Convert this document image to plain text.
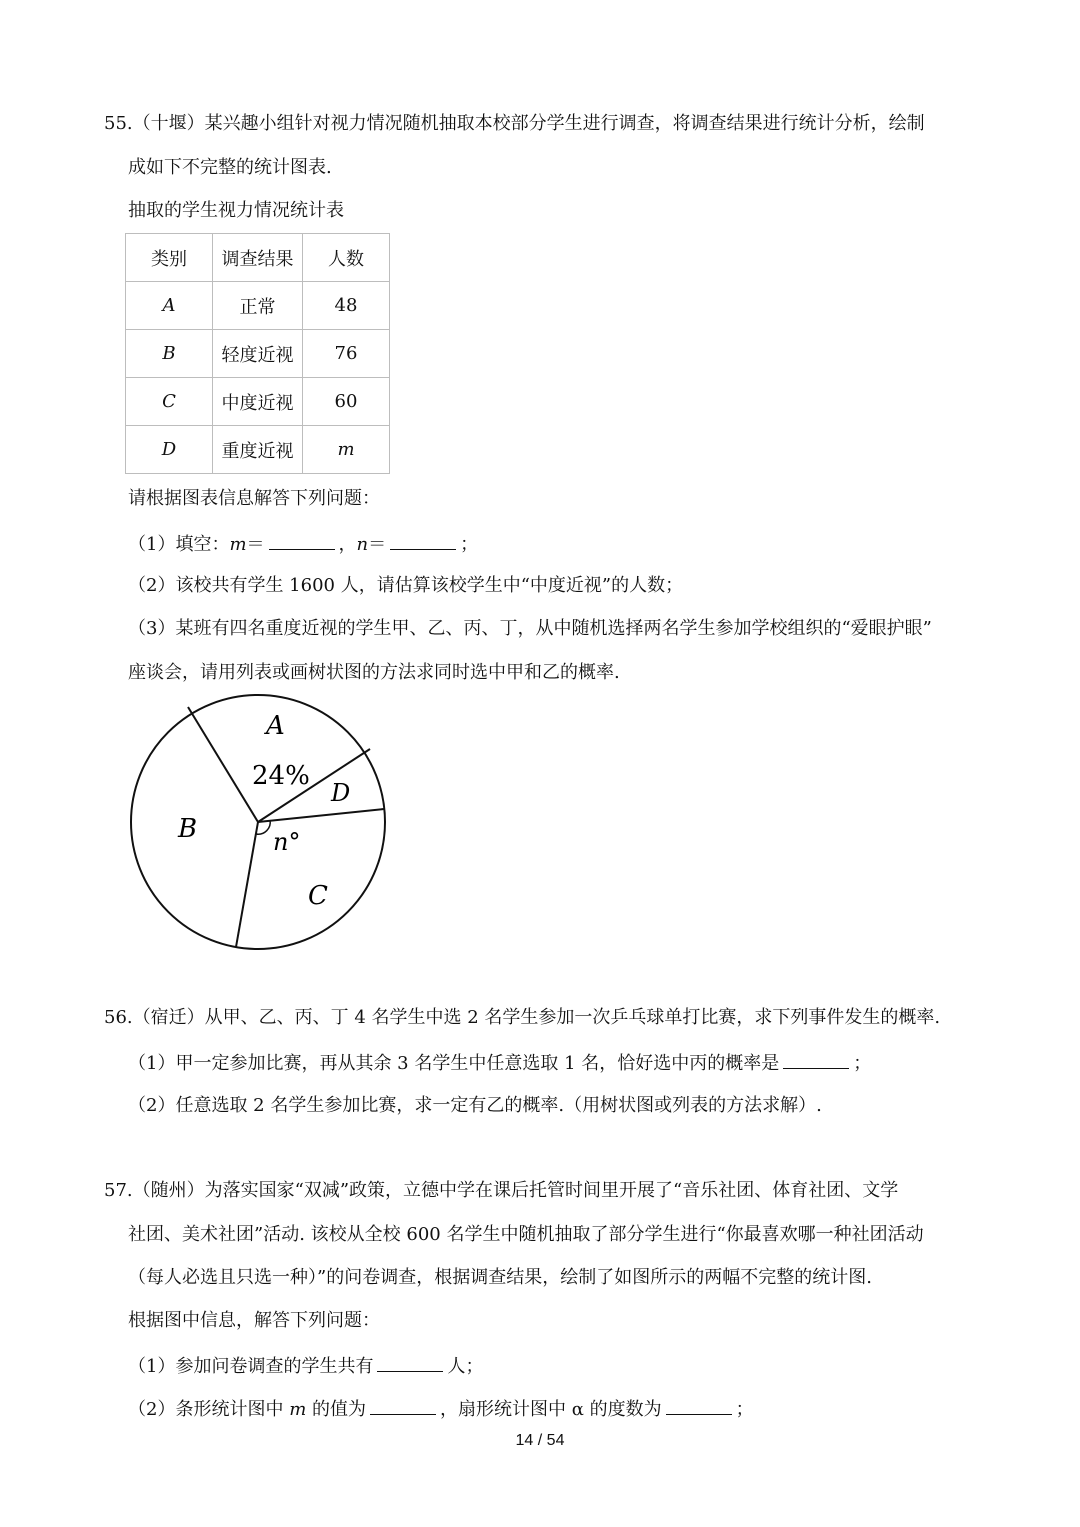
55.（十堰）某兴趣小组针对视力情况随机抽取本校部分学生进行调查，将调查结果进行统计分析，绘制
成如下不完整的统计图表.
抽取的学生视力情况统计表
类别	调查结果	人数
A	正常	48
B	轻度近视	76
C	中度近视	60
D	重度近视	m
请根据图表信息解答下列问题：
（1）填空：m＝	，n＝	；
（2）该校共有学生 1600 人，请估算该校学生中“中度近视”的人数；
（3）某班有四名重度近视的学生甲、乙、丙、丁，从中随机选择两名学生参加学校组织的“爱眼护眼”
座谈会，请用列表或画树状图的方法求同时选中甲和乙的概率.
A
24%
B
C
D
n°
56.（宿迁）从甲、乙、丙、丁 4 名学生中选 2 名学生参加一次乒乓球单打比赛，求下列事件发生的概率.
（1）甲一定参加比赛，再从其余 3 名学生中任意选取 1 名，恰好选中丙的概率是	；
（2）任意选取 2 名学生参加比赛，求一定有乙的概率.（用树状图或列表的方法求解）.
57.（随州）为落实国家“双减”政策，立德中学在课后托管时间里开展了“音乐社团、体育社团、文学
社团、美术社团”活动. 该校从全校 600 名学生中随机抽取了部分学生进行“你最喜欢哪一种社团活动
（每人必选且只选一种）”的问卷调查，根据调查结果，绘制了如图所示的两幅不完整的统计图.
根据图中信息，解答下列问题：
（1）参加问卷调查的学生共有	人；
（2）条形统计图中 m 的值为	，扇形统计图中 α 的度数为	；
14 / 54
